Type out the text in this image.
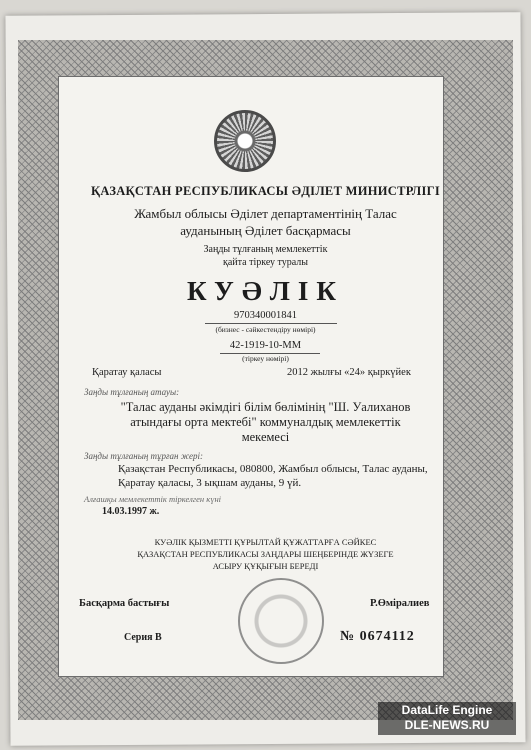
ҚАЗАҚСТАН РЕСПУБЛИКАСЫ ӘДІЛЕТ МИНИСТРЛІГІ
Жамбыл облысы Әділет департаментінің Талас
ауданының Әділет басқармасы
Заңды тұлғаның мемлекеттік
қайта тіркеу туралы
КУӘЛІК
970340001841
(бизнес - сәйкестендіру нөмірі)
42-1919-10-ММ
(тіркеу нөмірі)
Қаратау қаласы	2012 жылғы «24» қыркүйек
Заңды тұлғаның атауы:
"Талас ауданы әкімдігі білім бөлімінің "Ш. Уалиханов
атындағы орта мектебі" коммуналдық мемлекеттік
мекемесі
Заңды тұлғаның тұрған жері:
Қазақстан Республикасы, 080800, Жамбыл облысы, Талас ауданы,
Қаратау қаласы, 3 ықшам ауданы, 9 үй.
Алғашқы мемлекеттік тіркелген күні
14.03.1997 ж.
КУӘЛІК ҚЫЗМЕТТІ ҚҰРЫЛТАЙ ҚҰЖАТТАРҒА СӘЙКЕС
ҚАЗАҚСТАН РЕСПУБЛИКАСЫ ЗАҢДАРЫ ШЕҢБЕРІНДЕ ЖҮЗЕГЕ
АСЫРУ ҚҰҚЫҒЫН БЕРЕДІ
Басқарма бастығы	Р.Өміралиев
Серия В	№ 0674112
DataLife Engine
DLE-NEWS.RU
